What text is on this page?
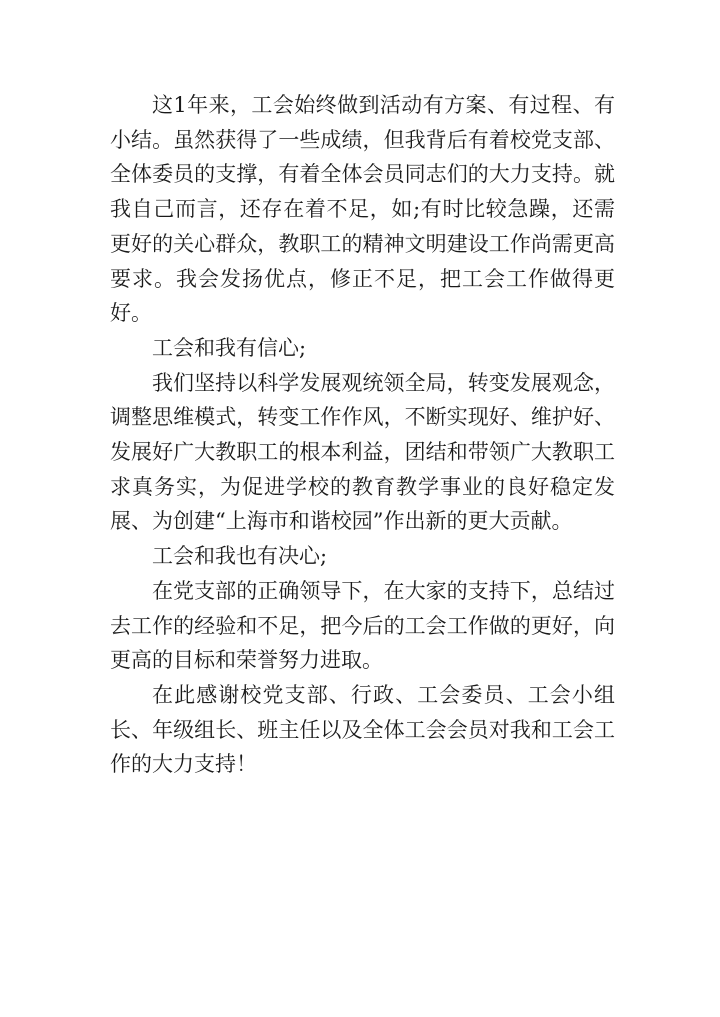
这1年来，工会始终做到活动有方案、有过程、有小结。虽然获得了一些成绩，但我背后有着校党支部、全体委员的支撑，有着全体会员同志们的大力支持。就我自己而言，还存在着不足，如;有时比较急躁，还需更好的关心群众，教职工的精神文明建设工作尚需更高要求。我会发扬优点，修正不足，把工会工作做得更好。

工会和我有信心;

我们坚持以科学发展观统领全局，转变发展观念，调整思维模式，转变工作作风，不断实现好、维护好、发展好广大教职工的根本利益，团结和带领广大教职工求真务实，为促进学校的教育教学事业的良好稳定发展、为创建“上海市和谐校园”作出新的更大贡献。

工会和我也有决心;

在党支部的正确领导下，在大家的支持下，总结过去工作的经验和不足，把今后的工会工作做的更好，向更高的目标和荣誉努力进取。

在此感谢校党支部、行政、工会委员、工会小组长、年级组长、班主任以及全体工会会员对我和工会工作的大力支持！
